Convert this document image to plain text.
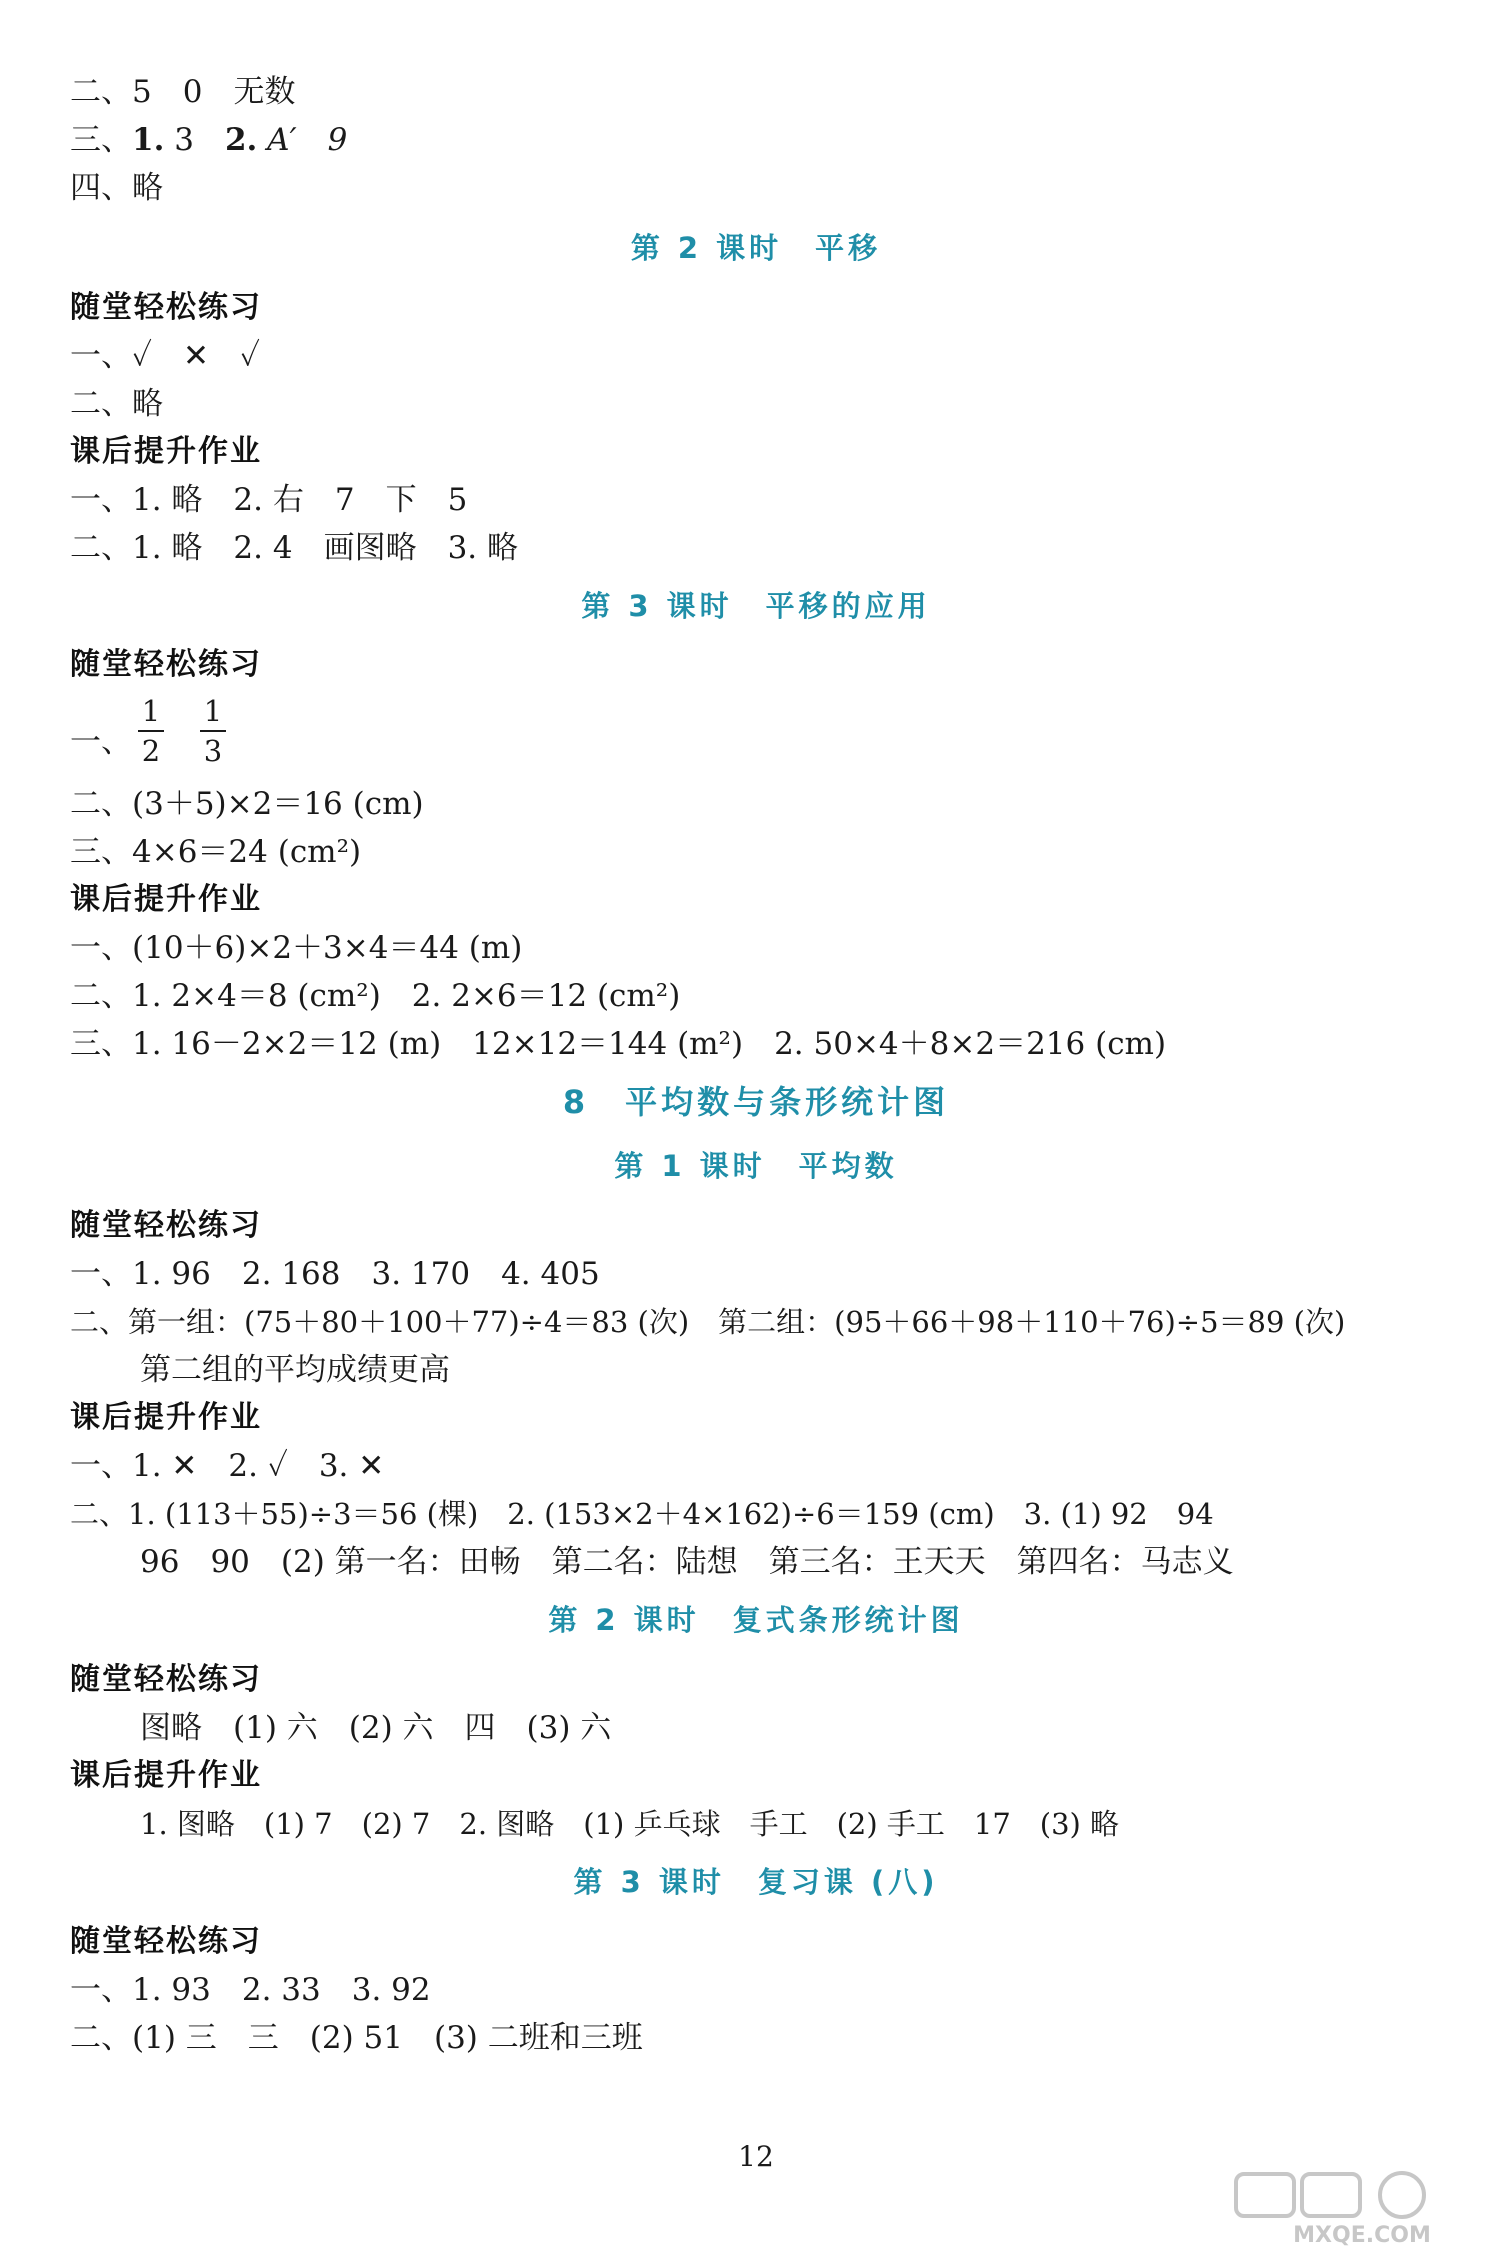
二、5　0　无数
三、1. 3　2. A′　9
四、略
第 2 课时　平移
随堂轻松练习
一、✓　✕　✓
二、略
课后提升作业
一、1. 略　2. 右　7　下　5
二、1. 略　2. 4　画图略　3. 略
第 3 课时　平移的应用
随堂轻松练习
一、
1
2
1
3
二、(3＋5)×2＝16 (cm)
三、4×6＝24 (cm²)
课后提升作业
一、(10＋6)×2＋3×4＝44 (m)
二、1. 2×4＝8 (cm²)　2. 2×6＝12 (cm²)
三、1. 16－2×2＝12 (m)　12×12＝144 (m²)　2. 50×4＋8×2＝216 (cm)
8　平均数与条形统计图
第 1 课时　平均数
随堂轻松练习
一、1. 96　2. 168　3. 170　4. 405
二、第一组：(75＋80＋100＋77)÷4＝83 (次)　第二组：(95＋66＋98＋110＋76)÷5＝89 (次)
第二组的平均成绩更高
课后提升作业
一、1. ✕　2. ✓　3. ✕
二、1. (113＋55)÷3＝56 (棵)　2. (153×2＋4×162)÷6＝159 (cm)　3. (1) 92　94
96　90　(2) 第一名：田畅　第二名：陆想　第三名：王天天　第四名：马志义
第 2 课时　复式条形统计图
随堂轻松练习
图略　(1) 六　(2) 六　四　(3) 六
课后提升作业
1. 图略　(1) 7　(2) 7　2. 图略　(1) 乒乓球　手工　(2) 手工　17　(3) 略
第 3 课时　复习课 (八)
随堂轻松练习
一、1. 93　2. 33　3. 92
二、(1) 三　三　(2) 51　(3) 二班和三班
12
MXQE.COM
